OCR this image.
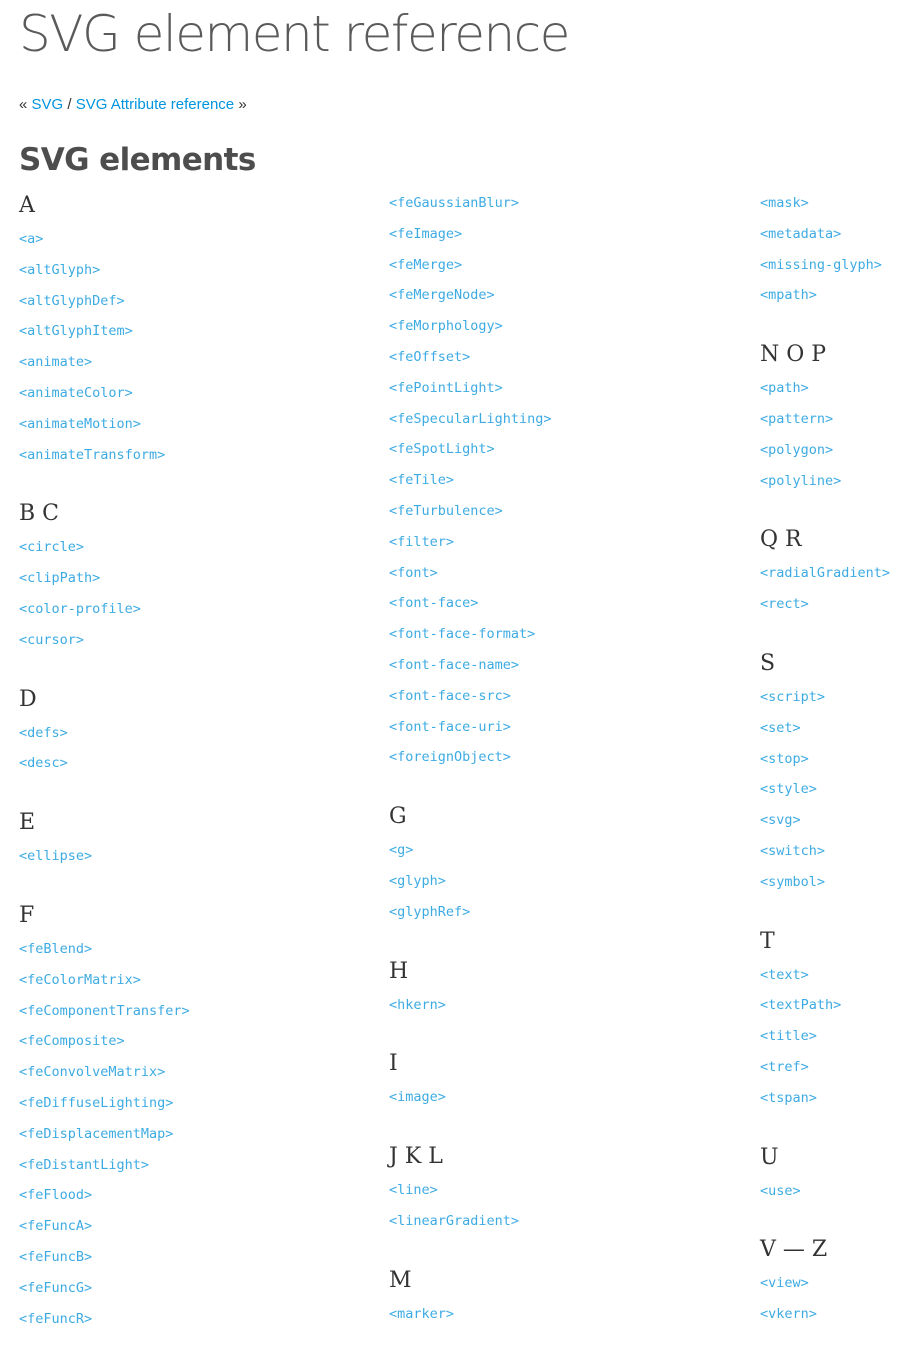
SVG element reference
« SVG / SVG Attribute reference »
SVG elements
A
<a>
<altGlyph>
<altGlyphDef>
<altGlyphItem>
<animate>
<animateColor>
<animateMotion>
<animateTransform>
B C
<circle>
<clipPath>
<color-profile>
<cursor>
D
<defs>
<desc>
E
<ellipse>
F
<feBlend>
<feColorMatrix>
<feComponentTransfer>
<feComposite>
<feConvolveMatrix>
<feDiffuseLighting>
<feDisplacementMap>
<feDistantLight>
<feFlood>
<feFuncA>
<feFuncB>
<feFuncG>
<feFuncR>
<feGaussianBlur>
<feImage>
<feMerge>
<feMergeNode>
<feMorphology>
<feOffset>
<fePointLight>
<feSpecularLighting>
<feSpotLight>
<feTile>
<feTurbulence>
<filter>
<font>
<font-face>
<font-face-format>
<font-face-name>
<font-face-src>
<font-face-uri>
<foreignObject>
G
<g>
<glyph>
<glyphRef>
H
<hkern>
I
<image>
J K L
<line>
<linearGradient>
M
<marker>
<mask>
<metadata>
<missing-glyph>
<mpath>
N O P
<path>
<pattern>
<polygon>
<polyline>
Q R
<radialGradient>
<rect>
S
<script>
<set>
<stop>
<style>
<svg>
<switch>
<symbol>
T
<text>
<textPath>
<title>
<tref>
<tspan>
U
<use>
V — Z
<view>
<vkern>
